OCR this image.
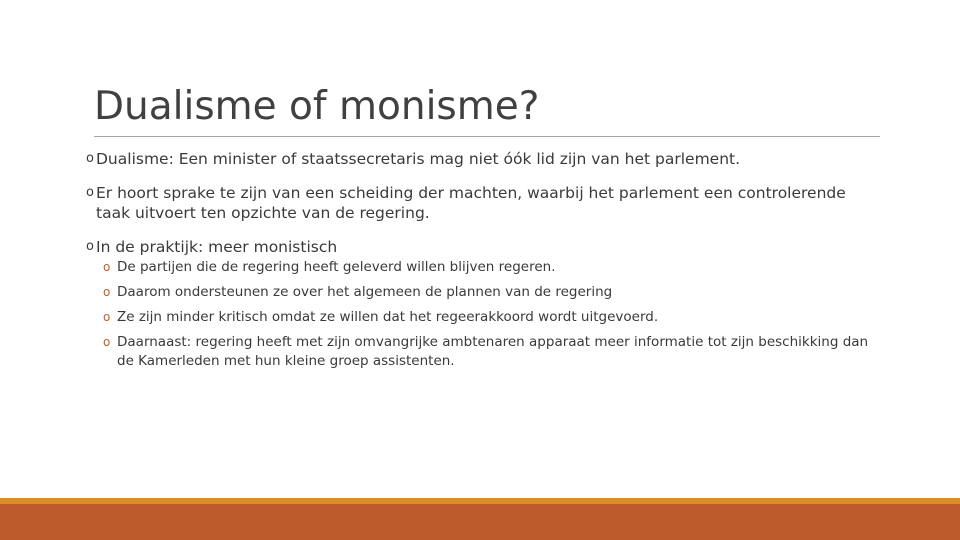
Dualisme of monisme?
o Dualisme: Een minister of staatssecretaris mag niet óók lid zijn van het parlement.
o Er hoort sprake te zijn van een scheiding der machten, waarbij het parlement een controlerende taak uitvoert ten opzichte van de regering.
o In de praktijk: meer monistisch
o De partijen die de regering heeft geleverd willen blijven regeren.
o Daarom ondersteunen ze over het algemeen de plannen van de regering
o Ze zijn minder kritisch omdat ze willen dat het regeerakkoord wordt uitgevoerd.
o Daarnaast: regering heeft met zijn omvangrijke ambtenaren apparaat meer informatie tot zijn beschikking dan de Kamerleden met hun kleine groep assistenten.
